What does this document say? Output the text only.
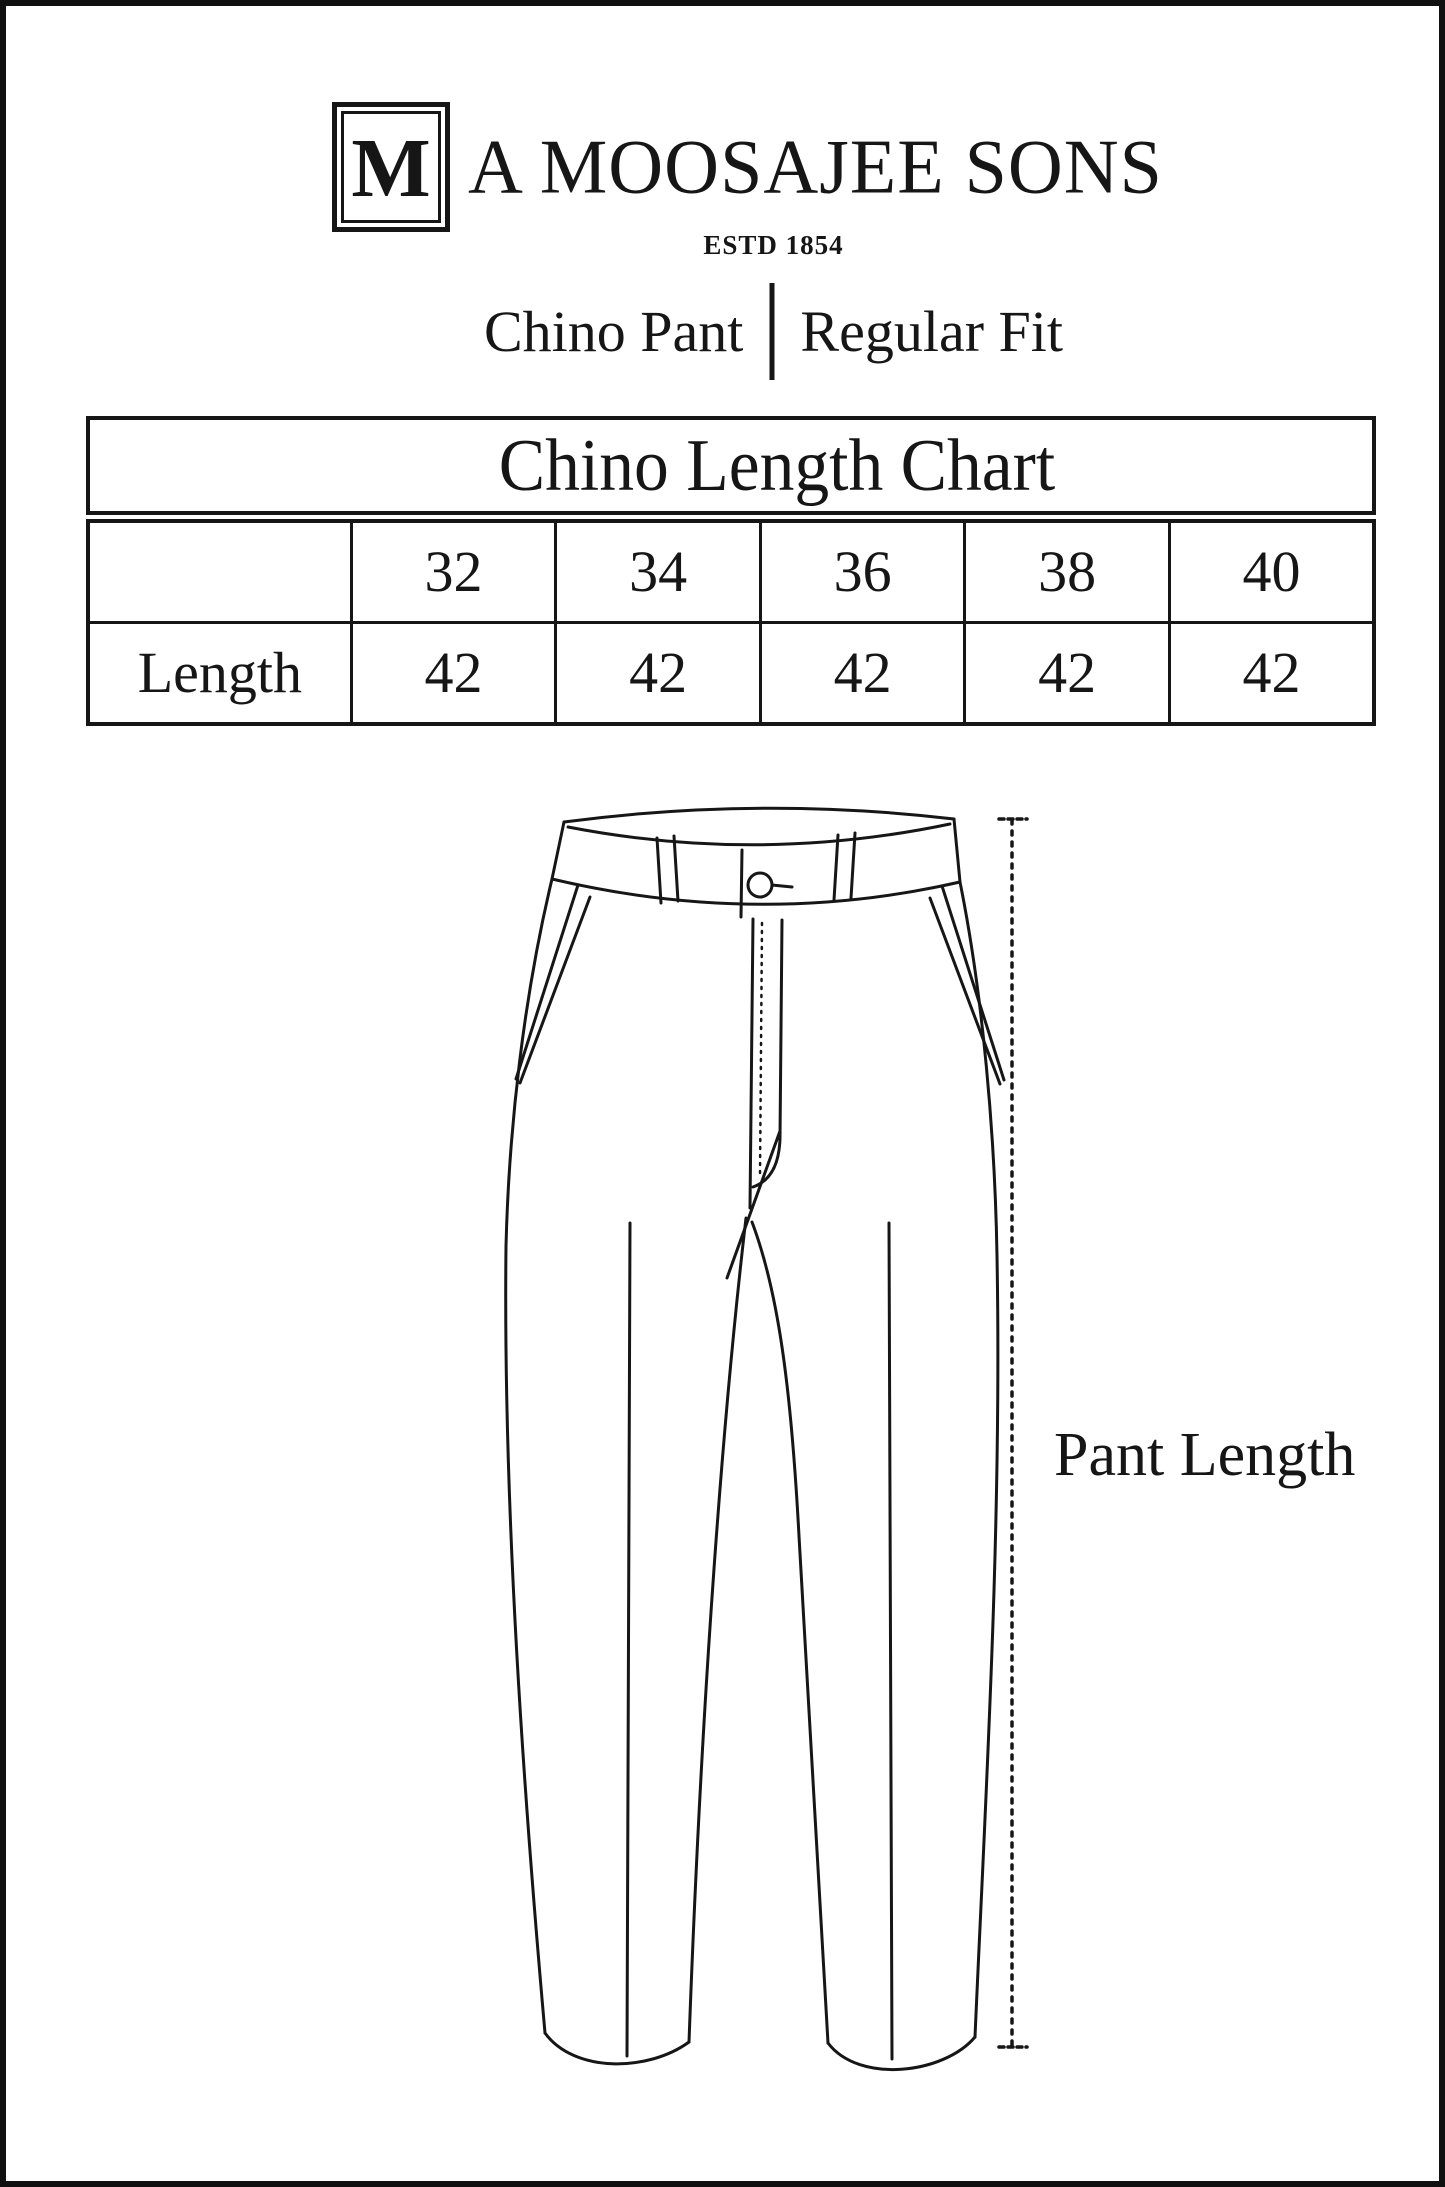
M A MOOSAJEE SONS
ESTD 1854
Chino Pant Regular Fit
Chino Length Chart
	32	34	36	38	40
Length	42	42	42	42	42
Pant Length
